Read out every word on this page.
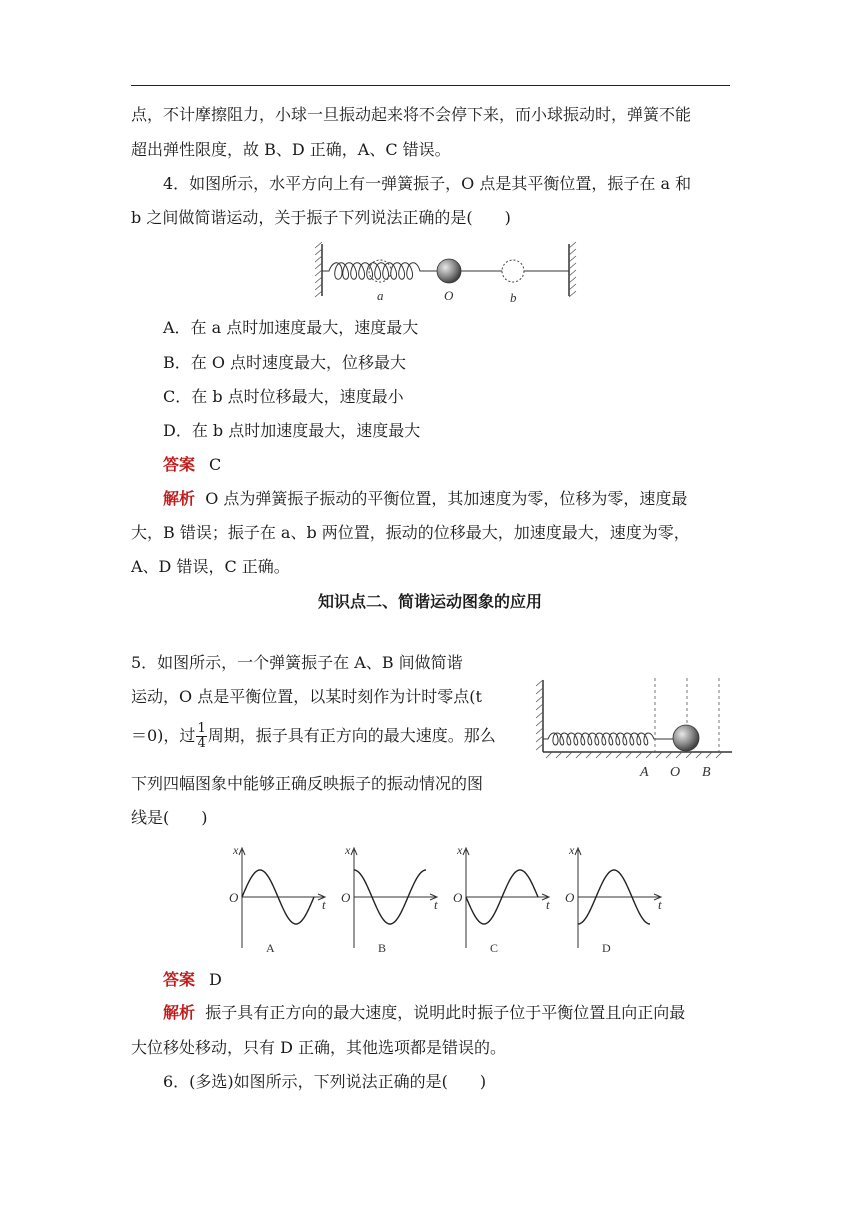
点，不计摩擦阻力，小球一旦振动起来将不会停下来，而小球振动时，弹簧不能
超出弹性限度，故 B、D 正确，A、C 错误。
4．如图所示，水平方向上有一弹簧振子，O 点是其平衡位置，振子在 a 和
b 之间做简谐运动，关于振子下列说法正确的是(　　)
a	O	b
A．在 a 点时加速度最大，速度最大
B．在 O 点时速度最大，位移最大
C．在 b 点时位移最大，速度最小
D．在 b 点时加速度最大，速度最大
答案 C
解析 O 点为弹簧振子振动的平衡位置，其加速度为零，位移为零，速度最
大，B 错误；振子在 a、b 两位置，振动的位移最大，加速度最大，速度为零，
A、D 错误，C 正确。
知识点二、简谐运动图象的应用
5．如图所示，一个弹簧振子在 A、B 间做简谐
运动，O 点是平衡位置，以某时刻作为计时零点(t
＝0)，过 $\frac{1}{4}$ 周期，振子具有正方向的最大速度。那么
下列四幅图象中能够正确反映振子的振动情况的图
线是(　　)
A O B
x
t
O
A
x
t
O
B
x
t
O
C
x
t
O
D
答案 D
解析 振子具有正方向的最大速度，说明此时振子位于平衡位置且向正向最
大位移处移动，只有 D 正确，其他选项都是错误的。
6．(多选)如图所示，下列说法正确的是(　　)
